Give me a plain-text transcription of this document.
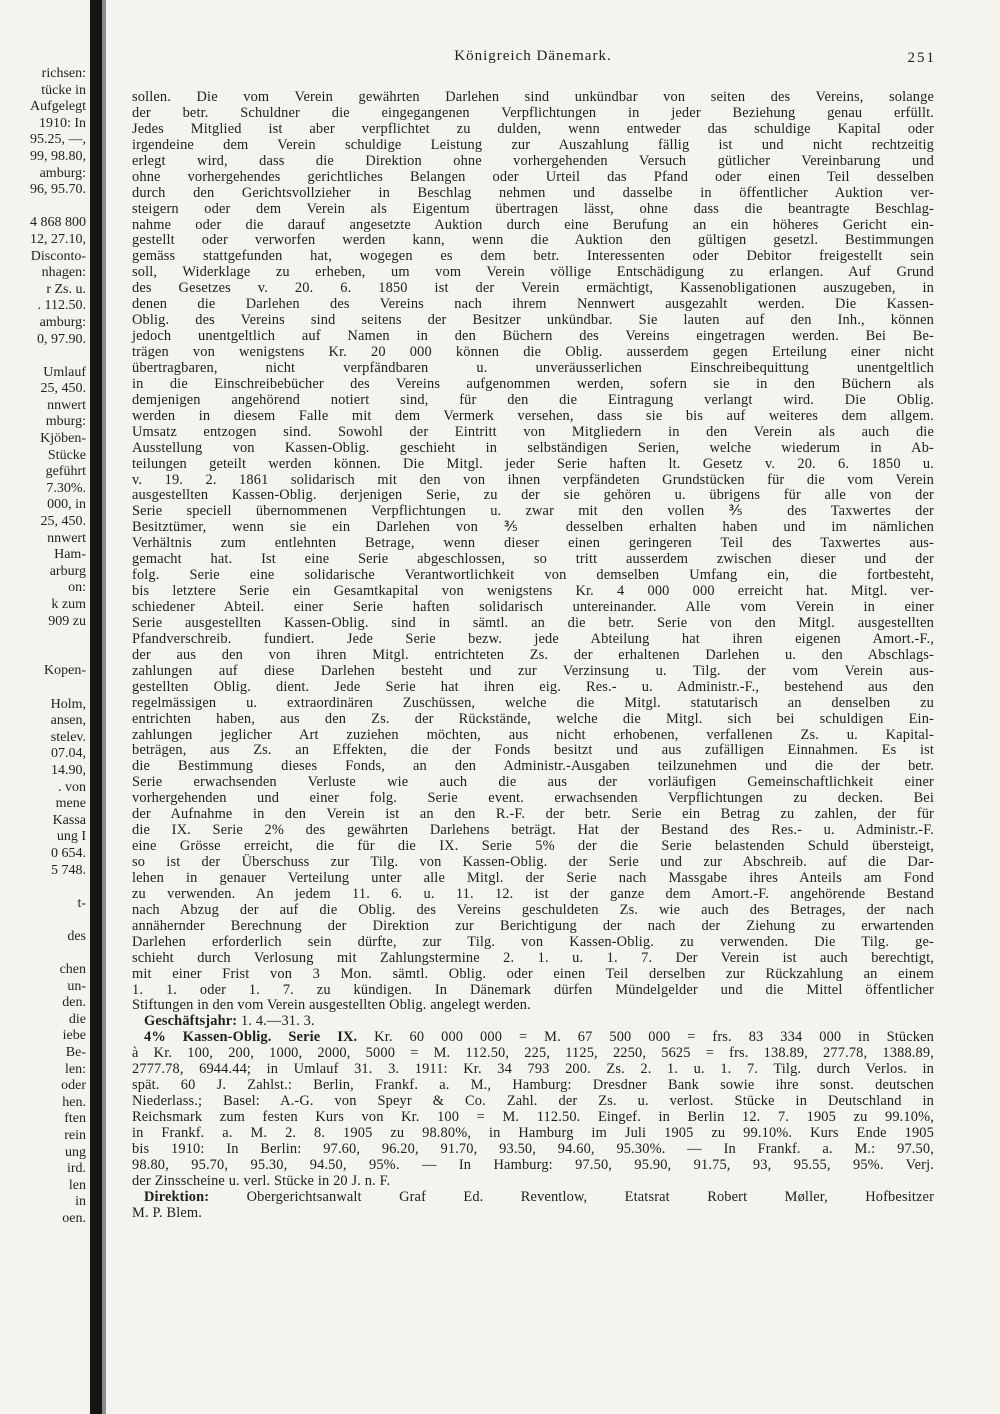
richsen:
tücke in
Aufgelegt
1910: In
95.25, —,
99, 98.80,
amburg:
96, 95.70.
4 868 800
12, 27.10,
Disconto-
nhagen:
r Zs. u.
. 112.50.
amburg:
0, 97.90.
Umlauf
25, 450.
nnwert
mburg:
Kjöben-
Stücke
geführt
7.30%.
000, in
25, 450.
nnwert
Ham-
arburg
on:
k zum
909 zu
Kopen-
Holm,
ansen,
stelev.
07.04,
14.90,
. von
mene
Kassa
ung I
0 654.
5 748.
t-
des
chen
un-
den.
die
iebe
Be-
len:
oder
hen.
ften
rein
ung
ird.
len
in
oen.
Königreich Dänemark.	251
sollen. Die vom Verein gewährten Darlehen sind unkündbar von seiten des Vereins, solange
der betr. Schuldner die eingegangenen Verpflichtungen in jeder Beziehung genau erfüllt.
Jedes Mitglied ist aber verpflichtet zu dulden, wenn entweder das schuldige Kapital oder
irgendeine dem Verein schuldige Leistung zur Auszahlung fällig ist und nicht rechtzeitig
erlegt wird, dass die Direktion ohne vorhergehenden Versuch gütlicher Vereinbarung und
ohne vorhergehendes gerichtliches Belangen oder Urteil das Pfand oder einen Teil desselben
durch den Gerichtsvollzieher in Beschlag nehmen und dasselbe in öffentlicher Auktion ver-
steigern oder dem Verein als Eigentum übertragen lässt, ohne dass die beantragte Beschlag-
nahme oder die darauf angesetzte Auktion durch eine Berufung an ein höheres Gericht ein-
gestellt oder verworfen werden kann, wenn die Auktion den gültigen gesetzl. Bestimmungen
gemäss stattgefunden hat, wogegen es dem betr. Interessenten oder Debitor freigestellt sein
soll, Widerklage zu erheben, um vom Verein völlige Entschädigung zu erlangen. Auf Grund
des Gesetzes v. 20. 6. 1850 ist der Verein ermächtigt, Kassenobligationen auszugeben, in
denen die Darlehen des Vereins nach ihrem Nennwert ausgezahlt werden. Die Kassen-
Oblig. des Vereins sind seitens der Besitzer unkündbar. Sie lauten auf den Inh., können
jedoch unentgeltlich auf Namen in den Büchern des Vereins eingetragen werden. Bei Be-
trägen von wenigstens Kr. 20 000 können die Oblig. ausserdem gegen Erteilung einer nicht
übertragbaren, nicht verpfändbaren u. unveräusserlichen Einschreibequittung unentgeltlich
in die Einschreibebücher des Vereins aufgenommen werden, sofern sie in den Büchern als
demjenigen angehörend notiert sind, für den die Eintragung verlangt wird. Die Oblig.
werden in diesem Falle mit dem Vermerk versehen, dass sie bis auf weiteres dem allgem.
Umsatz entzogen sind. Sowohl der Eintritt von Mitgliedern in den Verein als auch die
Ausstellung von Kassen-Oblig. geschieht in selbständigen Serien, welche wiederum in Ab-
teilungen geteilt werden können. Die Mitgl. jeder Serie haften lt. Gesetz v. 20. 6. 1850 u.
v. 19. 2. 1861 solidarisch mit den von ihnen verpfändeten Grundstücken für die vom Verein
ausgestellten Kassen-Oblig. derjenigen Serie, zu der sie gehören u. übrigens für alle von der
Serie speciell übernommenen Verpflichtungen u. zwar mit den vollen ⅗ des Taxwertes der
Besitztümer, wenn sie ein Darlehen von ⅗ desselben erhalten haben und im nämlichen
Verhältnis zum entlehnten Betrage, wenn dieser einen geringeren Teil des Taxwertes aus-
gemacht hat. Ist eine Serie abgeschlossen, so tritt ausserdem zwischen dieser und der
folg. Serie eine solidarische Verantwortlichkeit von demselben Umfang ein, die fortbesteht,
bis letztere Serie ein Gesamtkapital von wenigstens Kr. 4 000 000 erreicht hat. Mitgl. ver-
schiedener Abteil. einer Serie haften solidarisch untereinander. Alle vom Verein in einer
Serie ausgestellten Kassen-Oblig. sind in sämtl. an die betr. Serie von den Mitgl. ausgestellten
Pfandverschreib. fundiert. Jede Serie bezw. jede Abteilung hat ihren eigenen Amort.-F.,
der aus den von ihren Mitgl. entrichteten Zs. der erhaltenen Darlehen u. den Abschlags-
zahlungen auf diese Darlehen besteht und zur Verzinsung u. Tilg. der vom Verein aus-
gestellten Oblig. dient. Jede Serie hat ihren eig. Res.- u. Administr.-F., bestehend aus den
regelmässigen u. extraordinären Zuschüssen, welche die Mitgl. statutarisch an denselben zu
entrichten haben, aus den Zs. der Rückstände, welche die Mitgl. sich bei schuldigen Ein-
zahlungen jeglicher Art zuziehen möchten, aus nicht erhobenen, verfallenen Zs. u. Kapital-
beträgen, aus Zs. an Effekten, die der Fonds besitzt und aus zufälligen Einnahmen. Es ist
die Bestimmung dieses Fonds, an den Administr.-Ausgaben teilzunehmen und die der betr.
Serie erwachsenden Verluste wie auch die aus der vorläufigen Gemeinschaftlichkeit einer
vorhergehenden und einer folg. Serie event. erwachsenden Verpflichtungen zu decken. Bei
der Aufnahme in den Verein ist an den R.-F. der betr. Serie ein Betrag zu zahlen, der für
die IX. Serie 2% des gewährten Darlehens beträgt. Hat der Bestand des Res.- u. Administr.-F.
eine Grösse erreicht, die für die IX. Serie 5% der die Serie belastenden Schuld übersteigt,
so ist der Überschuss zur Tilg. von Kassen-Oblig. der Serie und zur Abschreib. auf die Dar-
lehen in genauer Verteilung unter alle Mitgl. der Serie nach Massgabe ihres Anteils am Fond
zu verwenden. An jedem 11. 6. u. 11. 12. ist der ganze dem Amort.-F. angehörende Bestand
nach Abzug der auf die Oblig. des Vereins geschuldeten Zs. wie auch des Betrages, der nach
annähernder Berechnung der Direktion zur Berichtigung der nach der Ziehung zu erwartenden
Darlehen erforderlich sein dürfte, zur Tilg. von Kassen-Oblig. zu verwenden. Die Tilg. ge-
schieht durch Verlosung mit Zahlungstermine 2. 1. u. 1. 7. Der Verein ist auch berechtigt,
mit einer Frist von 3 Mon. sämtl. Oblig. oder einen Teil derselben zur Rückzahlung an einem
1. 1. oder 1. 7. zu kündigen. In Dänemark dürfen Mündelgelder und die Mittel öffentlicher
Stiftungen in den vom Verein ausgestellten Oblig. angelegt werden.
Geschäftsjahr: 1. 4.—31. 3.
4% Kassen-Oblig. Serie IX. Kr. 60 000 000 = M. 67 500 000 = frs. 83 334 000 in Stücken
à Kr. 100, 200, 1000, 2000, 5000 = M. 112.50, 225, 1125, 2250, 5625 = frs. 138.89, 277.78, 1388.89,
2777.78, 6944.44; in Umlauf 31. 3. 1911: Kr. 34 793 200. Zs. 2. 1. u. 1. 7. Tilg. durch Verlos. in
spät. 60 J. Zahlst.: Berlin, Frankf. a. M., Hamburg: Dresdner Bank sowie ihre sonst. deutschen
Niederlass.; Basel: A.-G. von Speyr & Co. Zahl. der Zs. u. verlost. Stücke in Deutschland in
Reichsmark zum festen Kurs von Kr. 100 = M. 112.50. Eingef. in Berlin 12. 7. 1905 zu 99.10%,
in Frankf. a. M. 2. 8. 1905 zu 98.80%, in Hamburg im Juli 1905 zu 99.10%. Kurs Ende 1905
bis 1910: In Berlin: 97.60, 96.20, 91.70, 93.50, 94.60, 95.30%. — In Frankf. a. M.: 97.50,
98.80, 95.70, 95.30, 94.50, 95%. — In Hamburg: 97.50, 95.90, 91.75, 93, 95.55, 95%. Verj.
der Zinsscheine u. verl. Stücke in 20 J. n. F.
Direktion:	Obergerichtsanwalt Graf Ed. Reventlow, Etatsrat Robert Møller, Hofbesitzer
M. P. Blem.
